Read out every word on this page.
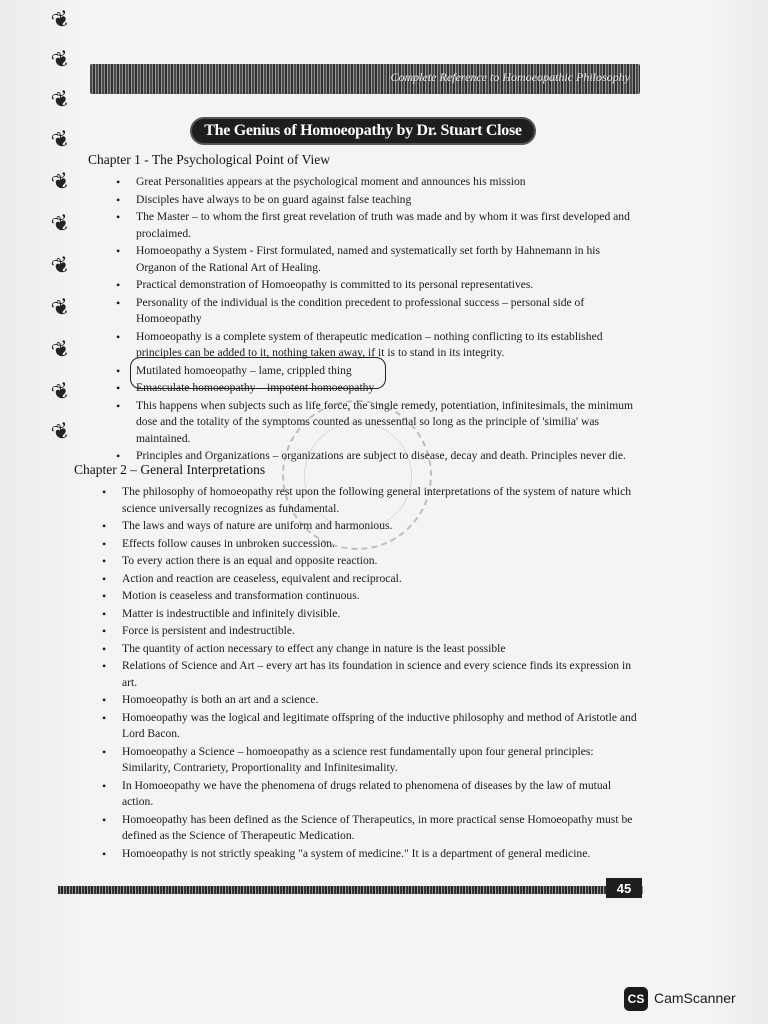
❦
❦
❦
❦
❦
❦
❦
❦
❦
❦
❦
Complete Reference to Homoeopathic Philosophy
The Genius of Homoeopathy by Dr. Stuart Close
Chapter 1 - The Psychological Point of View
• Great Personalities appears at the psychological moment and announces his mission
• Disciples have always to be on guard against false teaching
• The Master – to whom the first great revelation of truth was made and by whom it was first developed and proclaimed.
• Homoeopathy a System - First formulated, named and systematically set forth by Hahnemann in his Organon of the Rational Art of Healing.
• Practical demonstration of Homoeopathy is committed to its personal representatives.
• Personality of the individual is the condition precedent to professional success – personal side of Homoeopathy
• Homoeopathy is a complete system of therapeutic medication – nothing conflicting to its established principles can be added to it, nothing taken away, if it is to stand in its integrity.
• Mutilated homoeopathy – lame, crippled thing
• Emasculate homoeopathy – impotent homoeopathy
• This happens when subjects such as life force, the single remedy, potentiation, infinitesimals, the minimum dose and the totality of the symptoms counted as unessential so long as the principle of 'similia' was maintained.
• Principles and Organizations – organizations are subject to disease, decay and death. Principles never die.
Chapter 2 – General Interpretations
• The philosophy of homoeopathy rest upon the following general interpretations of the system of nature which science universally recognizes as fundamental.
• The laws and ways of nature are uniform and harmonious.
• Effects follow causes in unbroken succession.
• To every action there is an equal and opposite reaction.
• Action and reaction are ceaseless, equivalent and reciprocal.
• Motion is ceaseless and transformation continuous.
• Matter is indestructible and infinitely divisible.
• Force is persistent and indestructible.
• The quantity of action necessary to effect any change in nature is the least possible
• Relations of Science and Art – every art has its foundation in science and every science finds its expression in art.
• Homoeopathy is both an art and a science.
• Homoeopathy was the logical and legitimate offspring of the inductive philosophy and method of Aristotle and Lord Bacon.
• Homoeopathy a Science – homoeopathy as a science rest fundamentally upon four general principles: Similarity, Contrariety, Proportionality and Infinitesimality.
• In Homoeopathy we have the phenomena of drugs related to phenomena of diseases by the law of mutual action.
• Homoeopathy has been defined as the Science of Therapeutics, in more practical sense Homoeopathy must be defined as the Science of Therapeutic Medication.
• Homoeopathy is not strictly speaking "a system of medicine." It is a department of general medicine.
45
CS CamScanner
